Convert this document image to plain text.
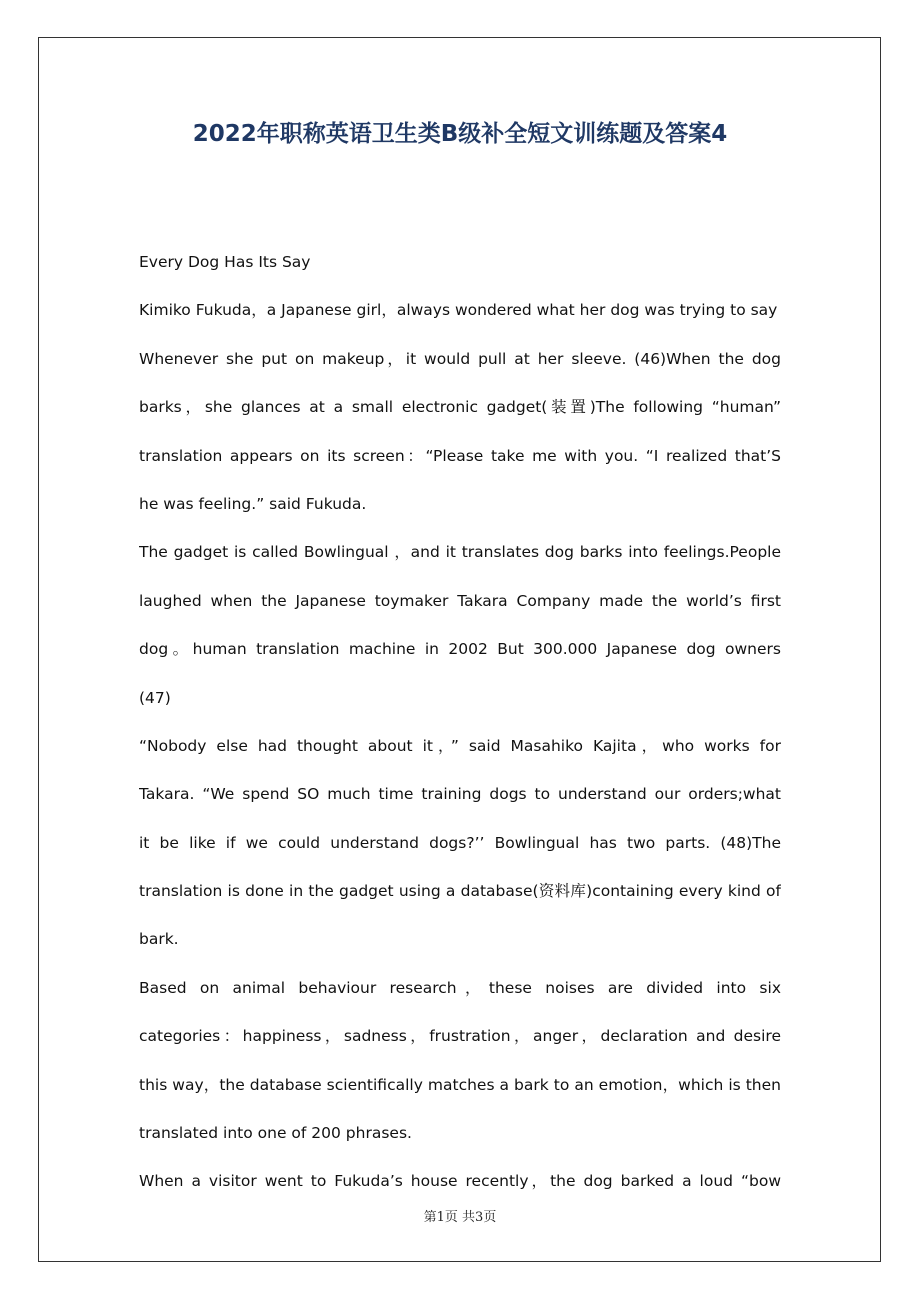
2022年职称英语卫生类B级补全短文训练题及答案4
Every Dog Has Its Say
Kimiko Fukuda，a Japanese girl，always wondered what her dog was trying to say
Whenever she put on makeup，it would pull at her sleeve. (46)When the dog
barks，she glances at a small electronic gadget(装置)The following “human”
translation appears on its screen：“Please take me with you. “I realized that’S
he was feeling.” said Fukuda.
The gadget is called Bowlingual ，and it translates dog barks into feelings.People
laughed when the Japanese toymaker Takara Company made the world’s first
dog。human translation machine in 2002 But 300.000 Japanese dog owners
(47)
“Nobody else had thought about it，” said Masahiko Kajita，who works for
Takara. “We spend SO much time training dogs to understand our orders;what
it be like if we could understand dogs?’’ Bowlingual has two parts. (48)The
translation is done in the gadget using a database(资料库)containing every kind of
bark.
Based on animal behaviour research，these noises are divided into six
categories：happiness，sadness，frustration，anger，declaration and desire
this way，the database scientifically matches a bark to an emotion，which is then
translated into one of 200 phrases.
When a visitor went to Fukuda’s house recently，the dog barked a loud “bow
第1页 共3页
